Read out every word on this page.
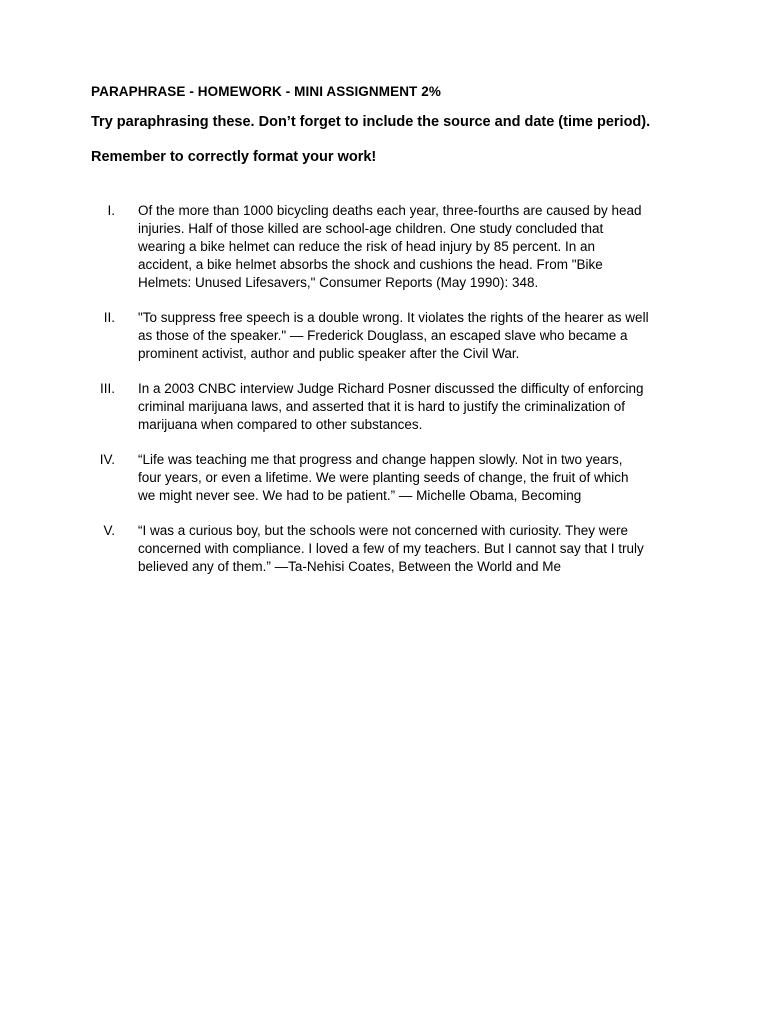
PARAPHRASE - HOMEWORK - MINI ASSIGNMENT 2%
Try paraphrasing these. Don’t forget to include the source and date (time period).
Remember to correctly format your work!
I. Of the more than 1000 bicycling deaths each year, three-fourths are caused by head
injuries. Half of those killed are school-age children. One study concluded that
wearing a bike helmet can reduce the risk of head injury by 85 percent. In an
accident, a bike helmet absorbs the shock and cushions the head. From "Bike
Helmets: Unused Lifesavers," Consumer Reports (May 1990): 348.
II. "To suppress free speech is a double wrong. It violates the rights of the hearer as well
as those of the speaker." — Frederick Douglass, an escaped slave who became a
prominent activist, author and public speaker after the Civil War.
III. In a 2003 CNBC interview Judge Richard Posner discussed the difficulty of enforcing
criminal marijuana laws, and asserted that it is hard to justify the criminalization of
marijuana when compared to other substances.
IV. “Life was teaching me that progress and change happen slowly. Not in two years,
four years, or even a lifetime. We were planting seeds of change, the fruit of which
we might never see. We had to be patient.” — Michelle Obama, Becoming
V. “I was a curious boy, but the schools were not concerned with curiosity. They were
concerned with compliance. I loved a few of my teachers. But I cannot say that I truly
believed any of them.” —Ta-Nehisi Coates, Between the World and Me
